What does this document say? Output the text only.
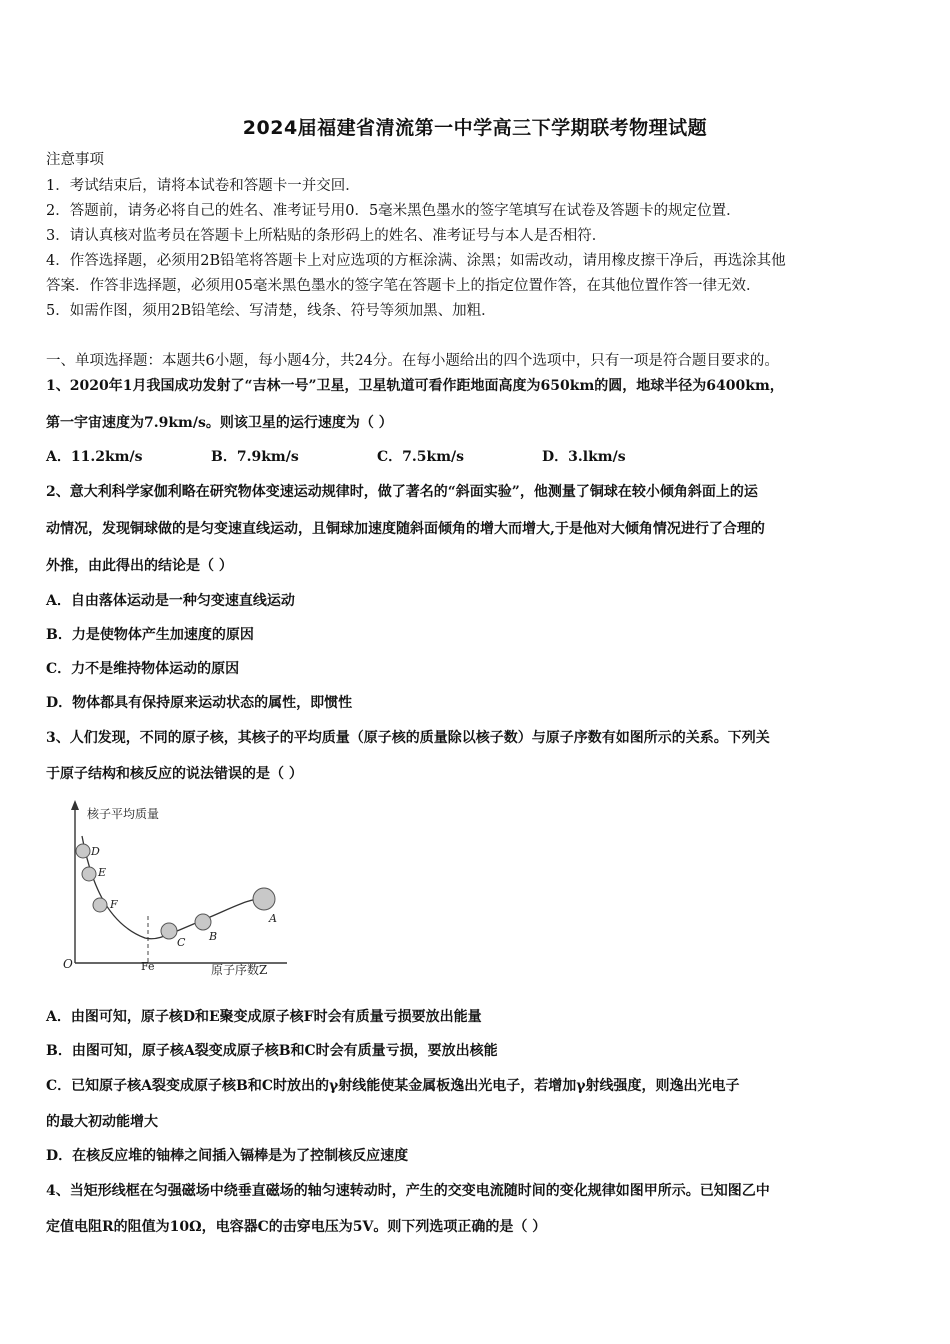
2024届福建省清流第一中学高三下学期联考物理试题
注意事项
1．考试结束后，请将本试卷和答题卡一并交回．
2．答题前，请务必将自己的姓名、准考证号用0．5毫米黑色墨水的签字笔填写在试卷及答题卡的规定位置．
3．请认真核对监考员在答题卡上所粘贴的条形码上的姓名、准考证号与本人是否相符．
4．作答选择题，必须用2B铅笔将答题卡上对应选项的方框涂满、涂黑；如需改动，请用橡皮擦干净后，再选涂其他
答案．作答非选择题，必须用05毫米黑色墨水的签字笔在答题卡上的指定位置作答，在其他位置作答一律无效．
5．如需作图，须用2B铅笔绘、写清楚，线条、符号等须加黑、加粗．
一、单项选择题：本题共6小题，每小题4分，共24分。在每小题给出的四个选项中，只有一项是符合题目要求的。
1、2020年1月我国成功发射了“吉林一号”卫星，卫星轨道可看作距地面高度为650km的圆，地球半径为6400km，
第一宇宙速度为7.9km/s。则该卫星的运行速度为（ ）
A．11.2km/s	B．7.9km/s	C．7.5km/s	D．3.lkm/s
2、意大利科学家伽利略在研究物体变速运动规律时，做了著名的“斜面实验”，他测量了铜球在较小倾角斜面上的运
动情况，发现铜球做的是匀变速直线运动，且铜球加速度随斜面倾角的增大而增大,于是他对大倾角情况进行了合理的
外推，由此得出的结论是（ ）
A．自由落体运动是一种匀变速直线运动
B．力是使物体产生加速度的原因
C．力不是维持物体运动的原因
D．物体都具有保持原来运动状态的属性，即惯性
3、人们发现，不同的原子核，其核子的平均质量（原子核的质量除以核子数）与原子序数有如图所示的关系。下列关
于原子结构和核反应的说法错误的是（ ）
核子平均质量
O	Fe	原子序数Z
D
E
F
C B
A
A．由图可知，原子核D和E聚变成原子核F时会有质量亏损要放出能量
B．由图可知，原子核A裂变成原子核B和C时会有质量亏损，要放出核能
C．已知原子核A裂变成原子核B和C时放出的γ射线能使某金属板逸出光电子，若增加γ射线强度，则逸出光电子
的最大初动能增大
D．在核反应堆的铀棒之间插入镉棒是为了控制核反应速度
4、当矩形线框在匀强磁场中绕垂直磁场的轴匀速转动时，产生的交变电流随时间的变化规律如图甲所示。已知图乙中
定值电阻R的阻值为10Ω，电容器C的击穿电压为5V。则下列选项正确的是（ ）
